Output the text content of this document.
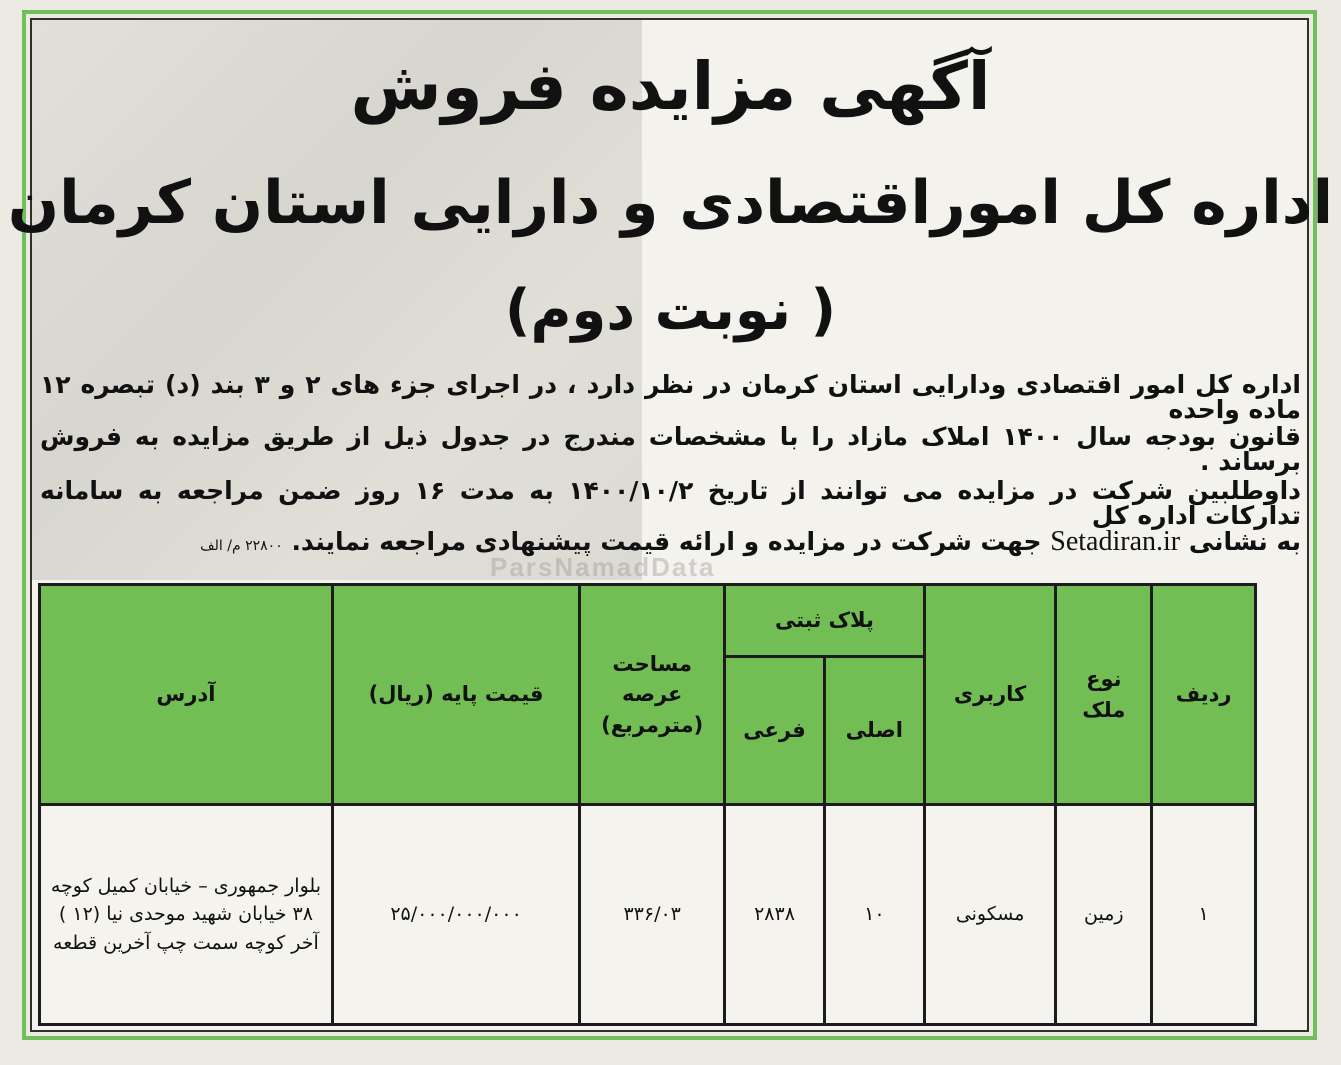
آگهی مزایده فروش
اداره کل اموراقتصادی و دارایی استان کرمان
( نوبت دوم)
اداره کل امور اقتصادی ودارایی استان کرمان در نظر دارد ، در اجرای جزء های ۲ و ۳ بند (د) تبصره ۱۲ ماده واحده
قانون بودجه سال ۱۴۰۰ املاک مازاد را با مشخصات مندرج در جدول ذیل از طریق مزایده به فروش برساند .
داوطلبین شرکت در مزایده می توانند از تاریخ ۱۴۰۰/۱۰/۲ به مدت ۱۶ روز ضمن مراجعه به سامانه تدارکات اداره کل
به نشانی Setadiran.ir جهت شرکت در مزایده و ارائه قیمت پیشنهادی مراجعه نمایند. ۲۲۸۰۰ م/ الف
ParsNamadData
ردیف	نوع ملک	کاربری	پلاک ثبتی		مساحت عرصه (مترمربع)	قیمت پایه (ریال)	آدرس
			اصلی	فرعی			
۱	زمین	مسکونی	۱۰	۲۸۳۸	۳۳۶/۰۳	۲۵/۰۰۰/۰۰۰/۰۰۰	بلوار جمهوری – خیابان کمیل کوچه ۳۸ خیابان شهید موحدی نیا (۱۲ ) آخر کوچه سمت چپ آخرین قطعه
